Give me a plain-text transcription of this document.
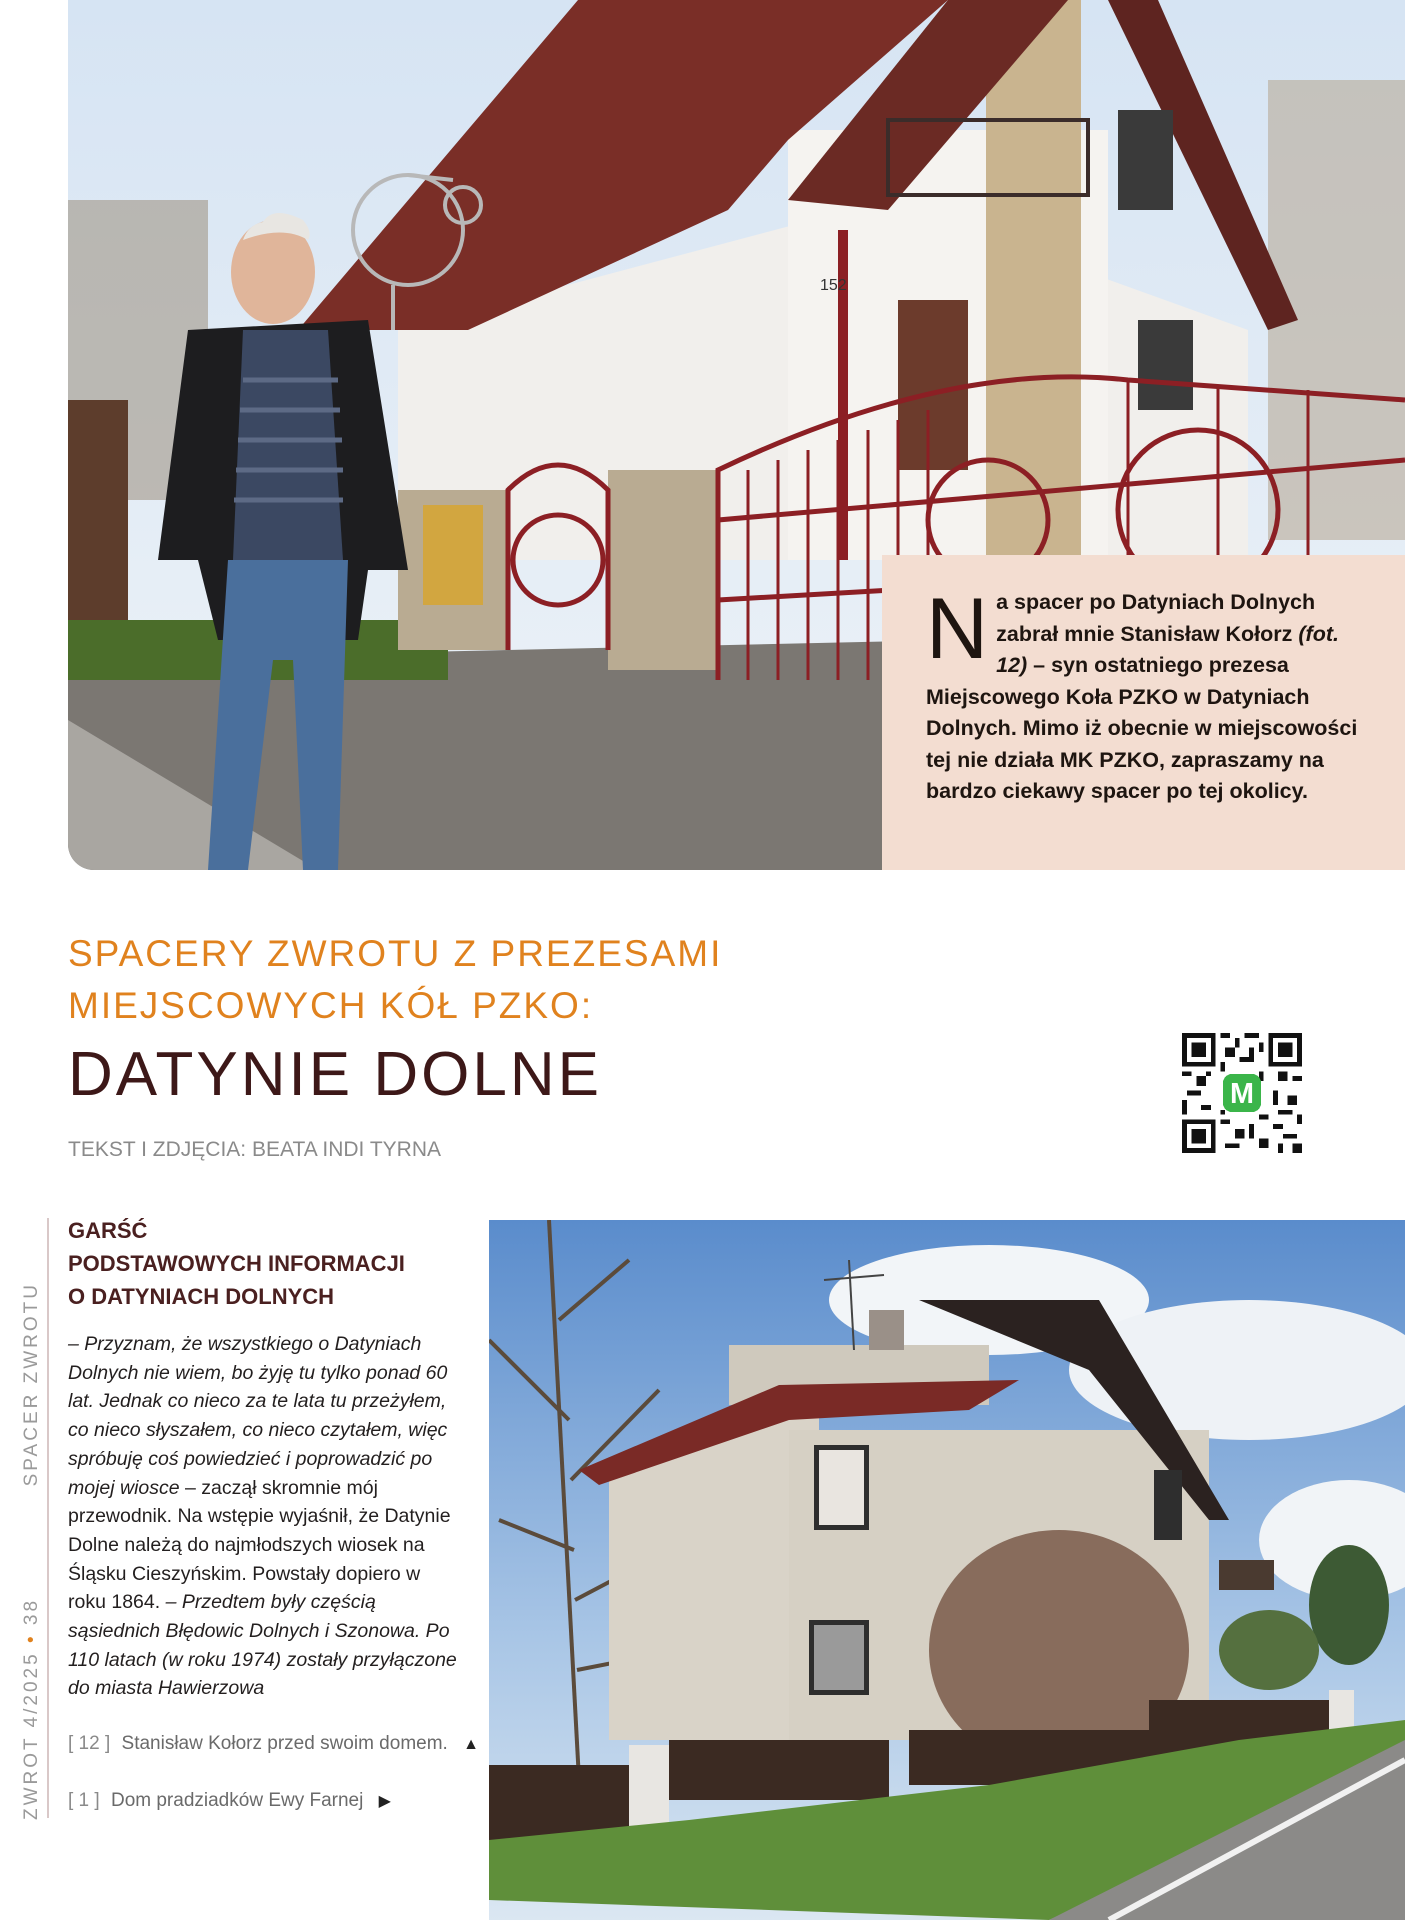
152

Na spacer po Datyniach Dolnych zabrał mnie Stanisław Kołorz (fot. 12) – syn ostatniego prezesa Miejscowego Koła PZKO w Datyniach Dolnych. Mimo iż obecnie w miejscowości tej nie działa MK PZKO, zapraszamy na bardzo ciekawy spacer po tej okolicy.

SPACERY ZWROTU Z PREZESAMI
MIEJSCOWYCH KÓŁ PZKO:
DATYNIE DOLNE
TEKST I ZDJĘCIA: BEATA INDI TYRNA
M
ZWROT 4/2025 • 38  SPACER ZWROTU
GARŚĆ
PODSTAWOWYCH INFORMACJI
O DATYNIACH DOLNYCH

– Przyznam, że wszystkiego o Datyniach Dolnych nie wiem, bo żyję tu tylko ponad 60 lat. Jednak co nieco za te lata tu przeżyłem, co nieco słyszałem, co nieco czytałem, więc spróbuję coś powiedzieć i poprowadzić po mojej wiosce – zaczął skromnie mój przewodnik. Na wstępie wyjaśnił, że Datynie Dolne należą do najmłodszych wiosek na Śląsku Cieszyńskim. Powstały dopiero w roku 1864. – Przedtem były częścią sąsiednich Błędowic Dolnych i Szonowa. Po 110 latach (w roku 1974) zostały przyłączone do miasta Hawierzowa

[ 12 ] Stanisław Kołorz przed swoim domem. ▲
[ 1 ] Dom pradziadków Ewy Farnej ▶
